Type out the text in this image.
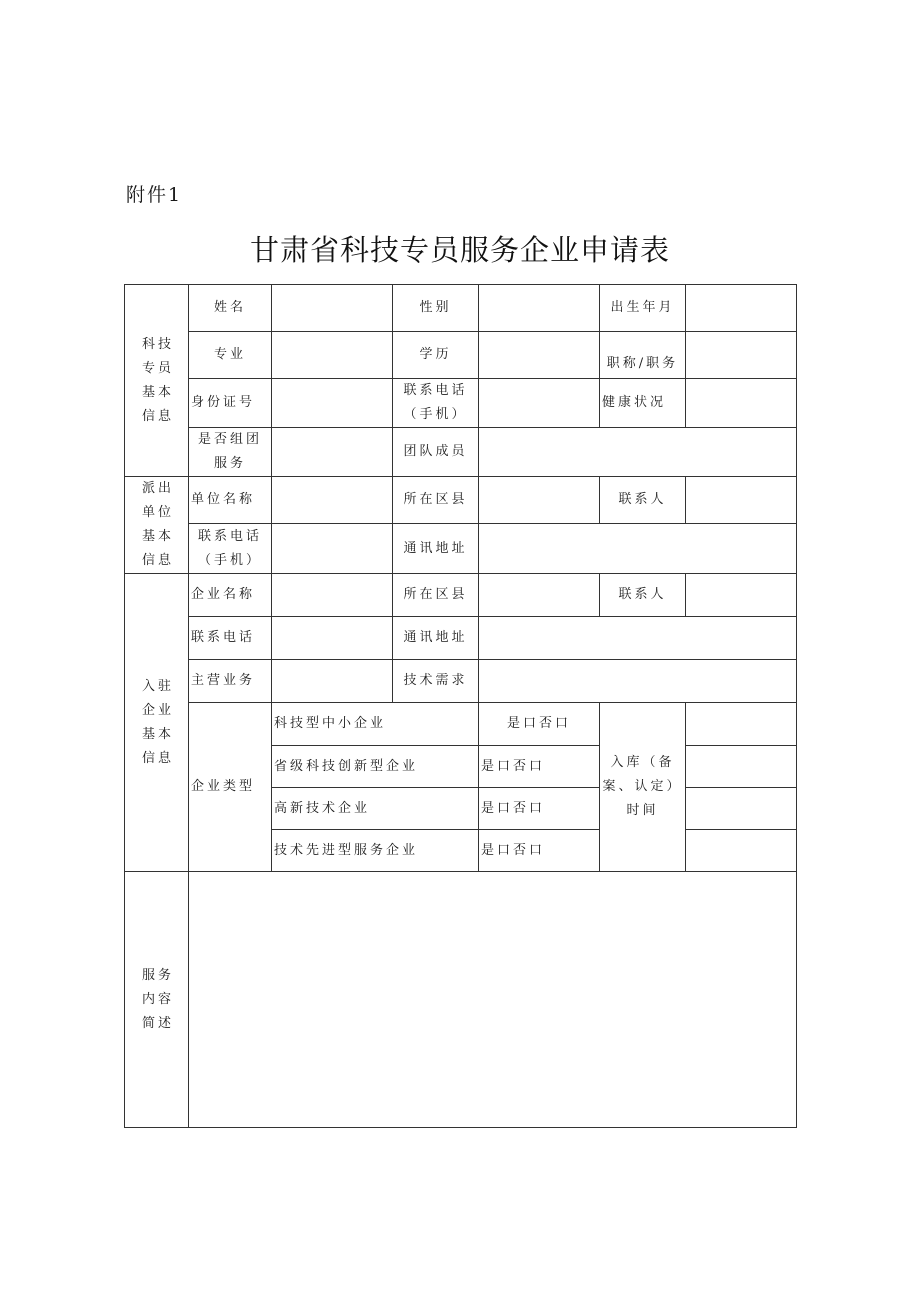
附件1
甘肃省科技专员服务企业申请表
科技专员基本信息	姓名		性别		出生年月	
	专业		学历		职称/职务	
	身份证号		联系电话（手机）		健康状况	
	是否组团服务		团队成员			
派出单位基本信息	单位名称		所在区县		联系人	
	联系电话（手机）		通讯地址			
入驻企业基本信息	企业名称		所在区县		联系人	
	联系电话		通讯地址			
	主营业务		技术需求			
	企业类型	科技型中小企业		是口否口	入库（备案、认定）时间	
		省级科技创新型企业		是口否口		
		高新技术企业		是口否口		
		技术先进型服务企业		是口否口		
服务内容简述						
